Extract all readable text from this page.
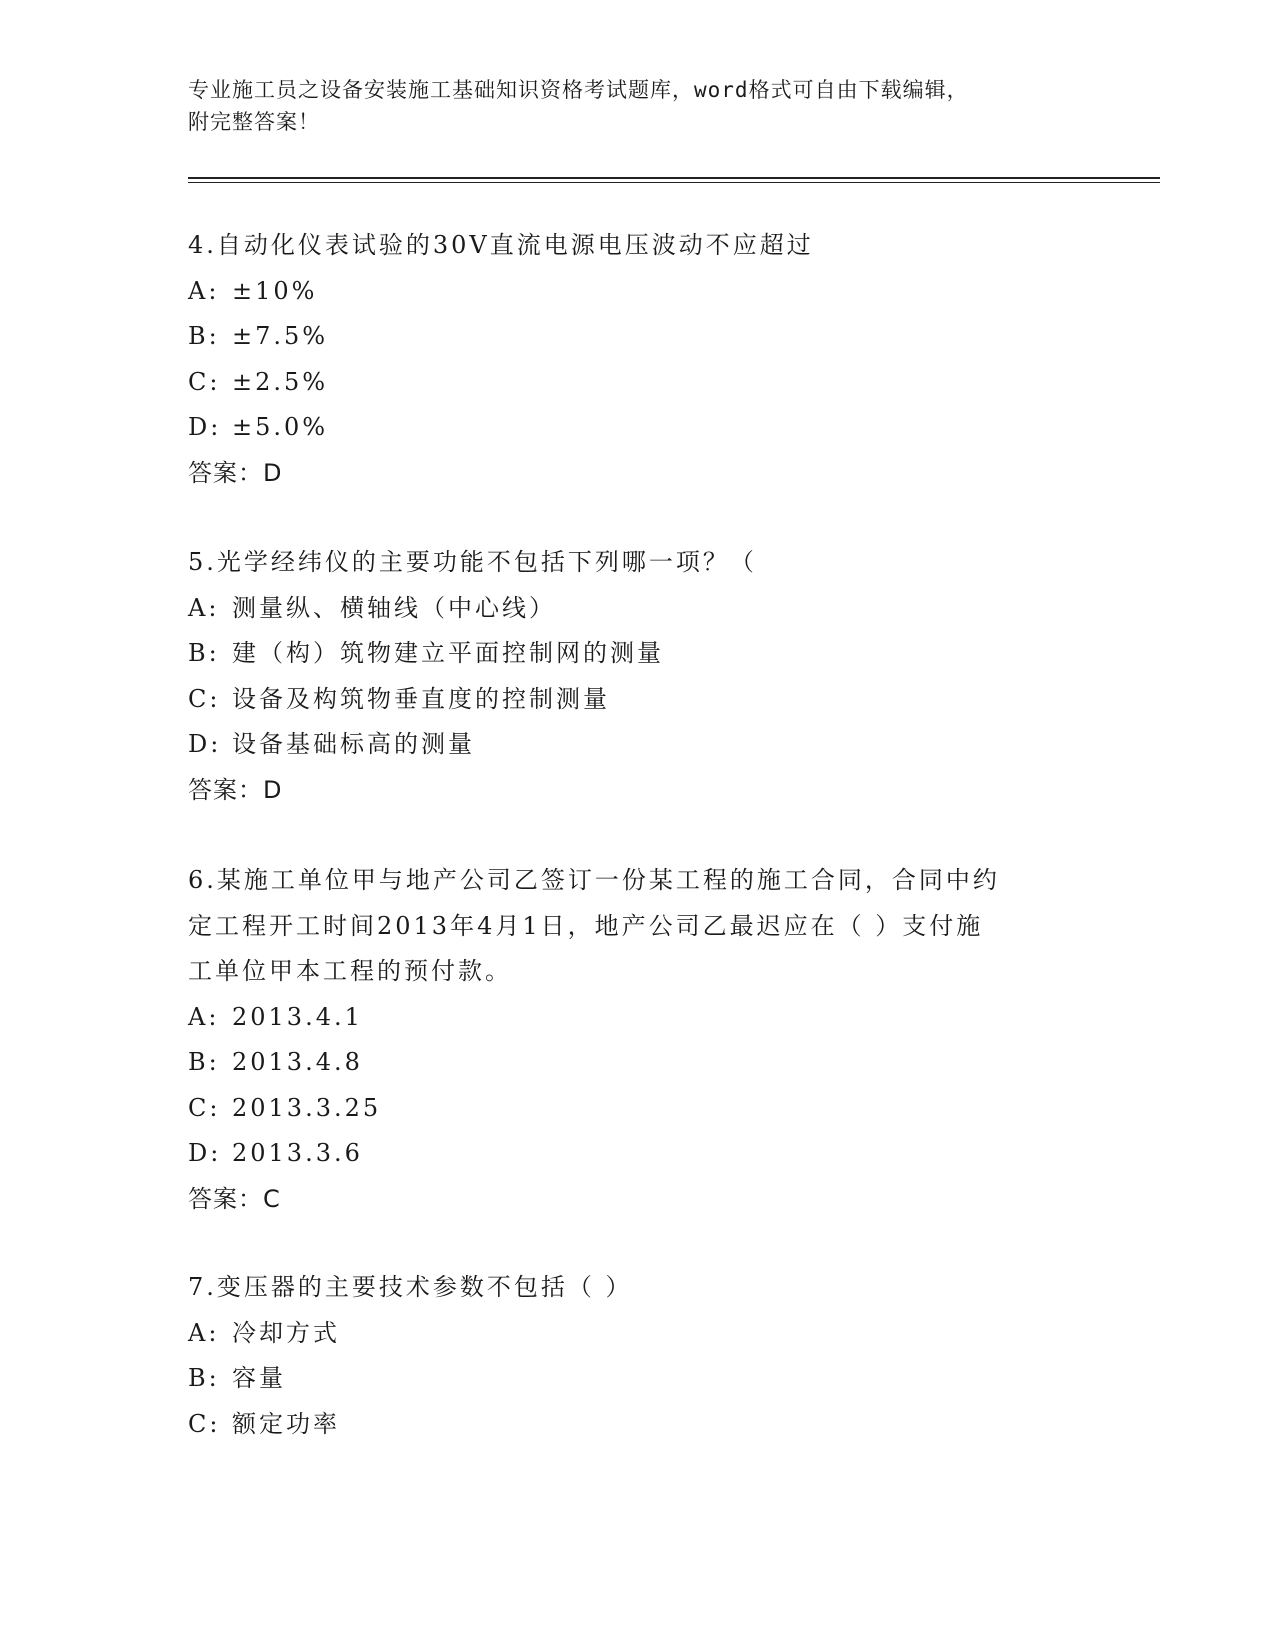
专业施工员之设备安装施工基础知识资格考试题库，word格式可自由下载编辑，
附完整答案！
4.自动化仪表试验的30V直流电源电压波动不应超过
A: ±10%
B: ±7.5%
C: ±2.5%
D: ±5.0%
答案：D
5.光学经纬仪的主要功能不包括下列哪一项？（
A: 测量纵、横轴线（中心线）
B: 建（构）筑物建立平面控制网的测量
C: 设备及构筑物垂直度的控制测量
D: 设备基础标高的测量
答案：D
6.某施工单位甲与地产公司乙签订一份某工程的施工合同，合同中约
定工程开工时间2013年4月1日，地产公司乙最迟应在（ ）支付施
工单位甲本工程的预付款。
A: 2013.4.1
B: 2013.4.8
C: 2013.3.25
D: 2013.3.6
答案：C
7.变压器的主要技术参数不包括（ ）
A: 冷却方式
B: 容量
C: 额定功率
